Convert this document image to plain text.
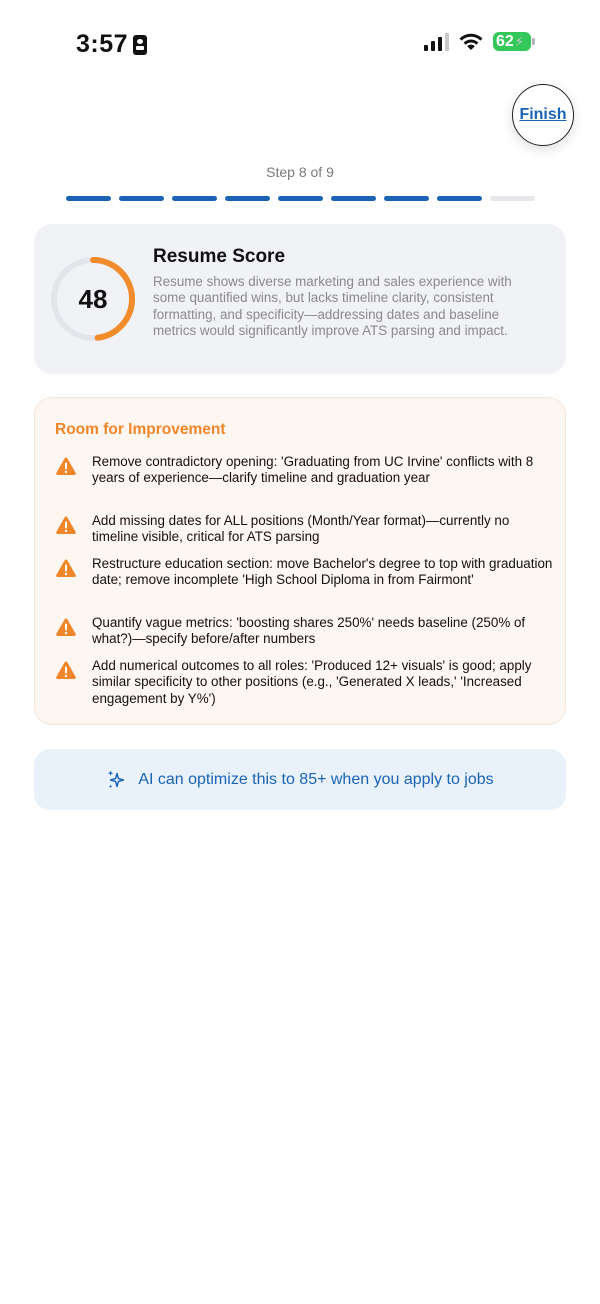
3:57	62 ⚡
Finish
Step 8 of 9
48
Resume Score
Resume shows diverse marketing and sales experience with some quantified wins, but lacks timeline clarity, consistent formatting, and specificity—addressing dates and baseline metrics would significantly improve ATS parsing and impact.
Room for Improvement
Remove contradictory opening: 'Graduating from UC Irvine' conflicts with 8 years of experience—clarify timeline and graduation year
Add missing dates for ALL positions (Month/Year format)—currently no timeline visible, critical for ATS parsing
Restructure education section: move Bachelor's degree to top with graduation date; remove incomplete 'High School Diploma in from Fairmont'
Quantify vague metrics: 'boosting shares 250%' needs baseline (250% of what?)—specify before/after numbers
Add numerical outcomes to all roles: 'Produced 12+ visuals' is good; apply similar specificity to other positions (e.g., 'Generated X leads,' 'Increased engagement by Y%')
AI can optimize this to 85+ when you apply to jobs
